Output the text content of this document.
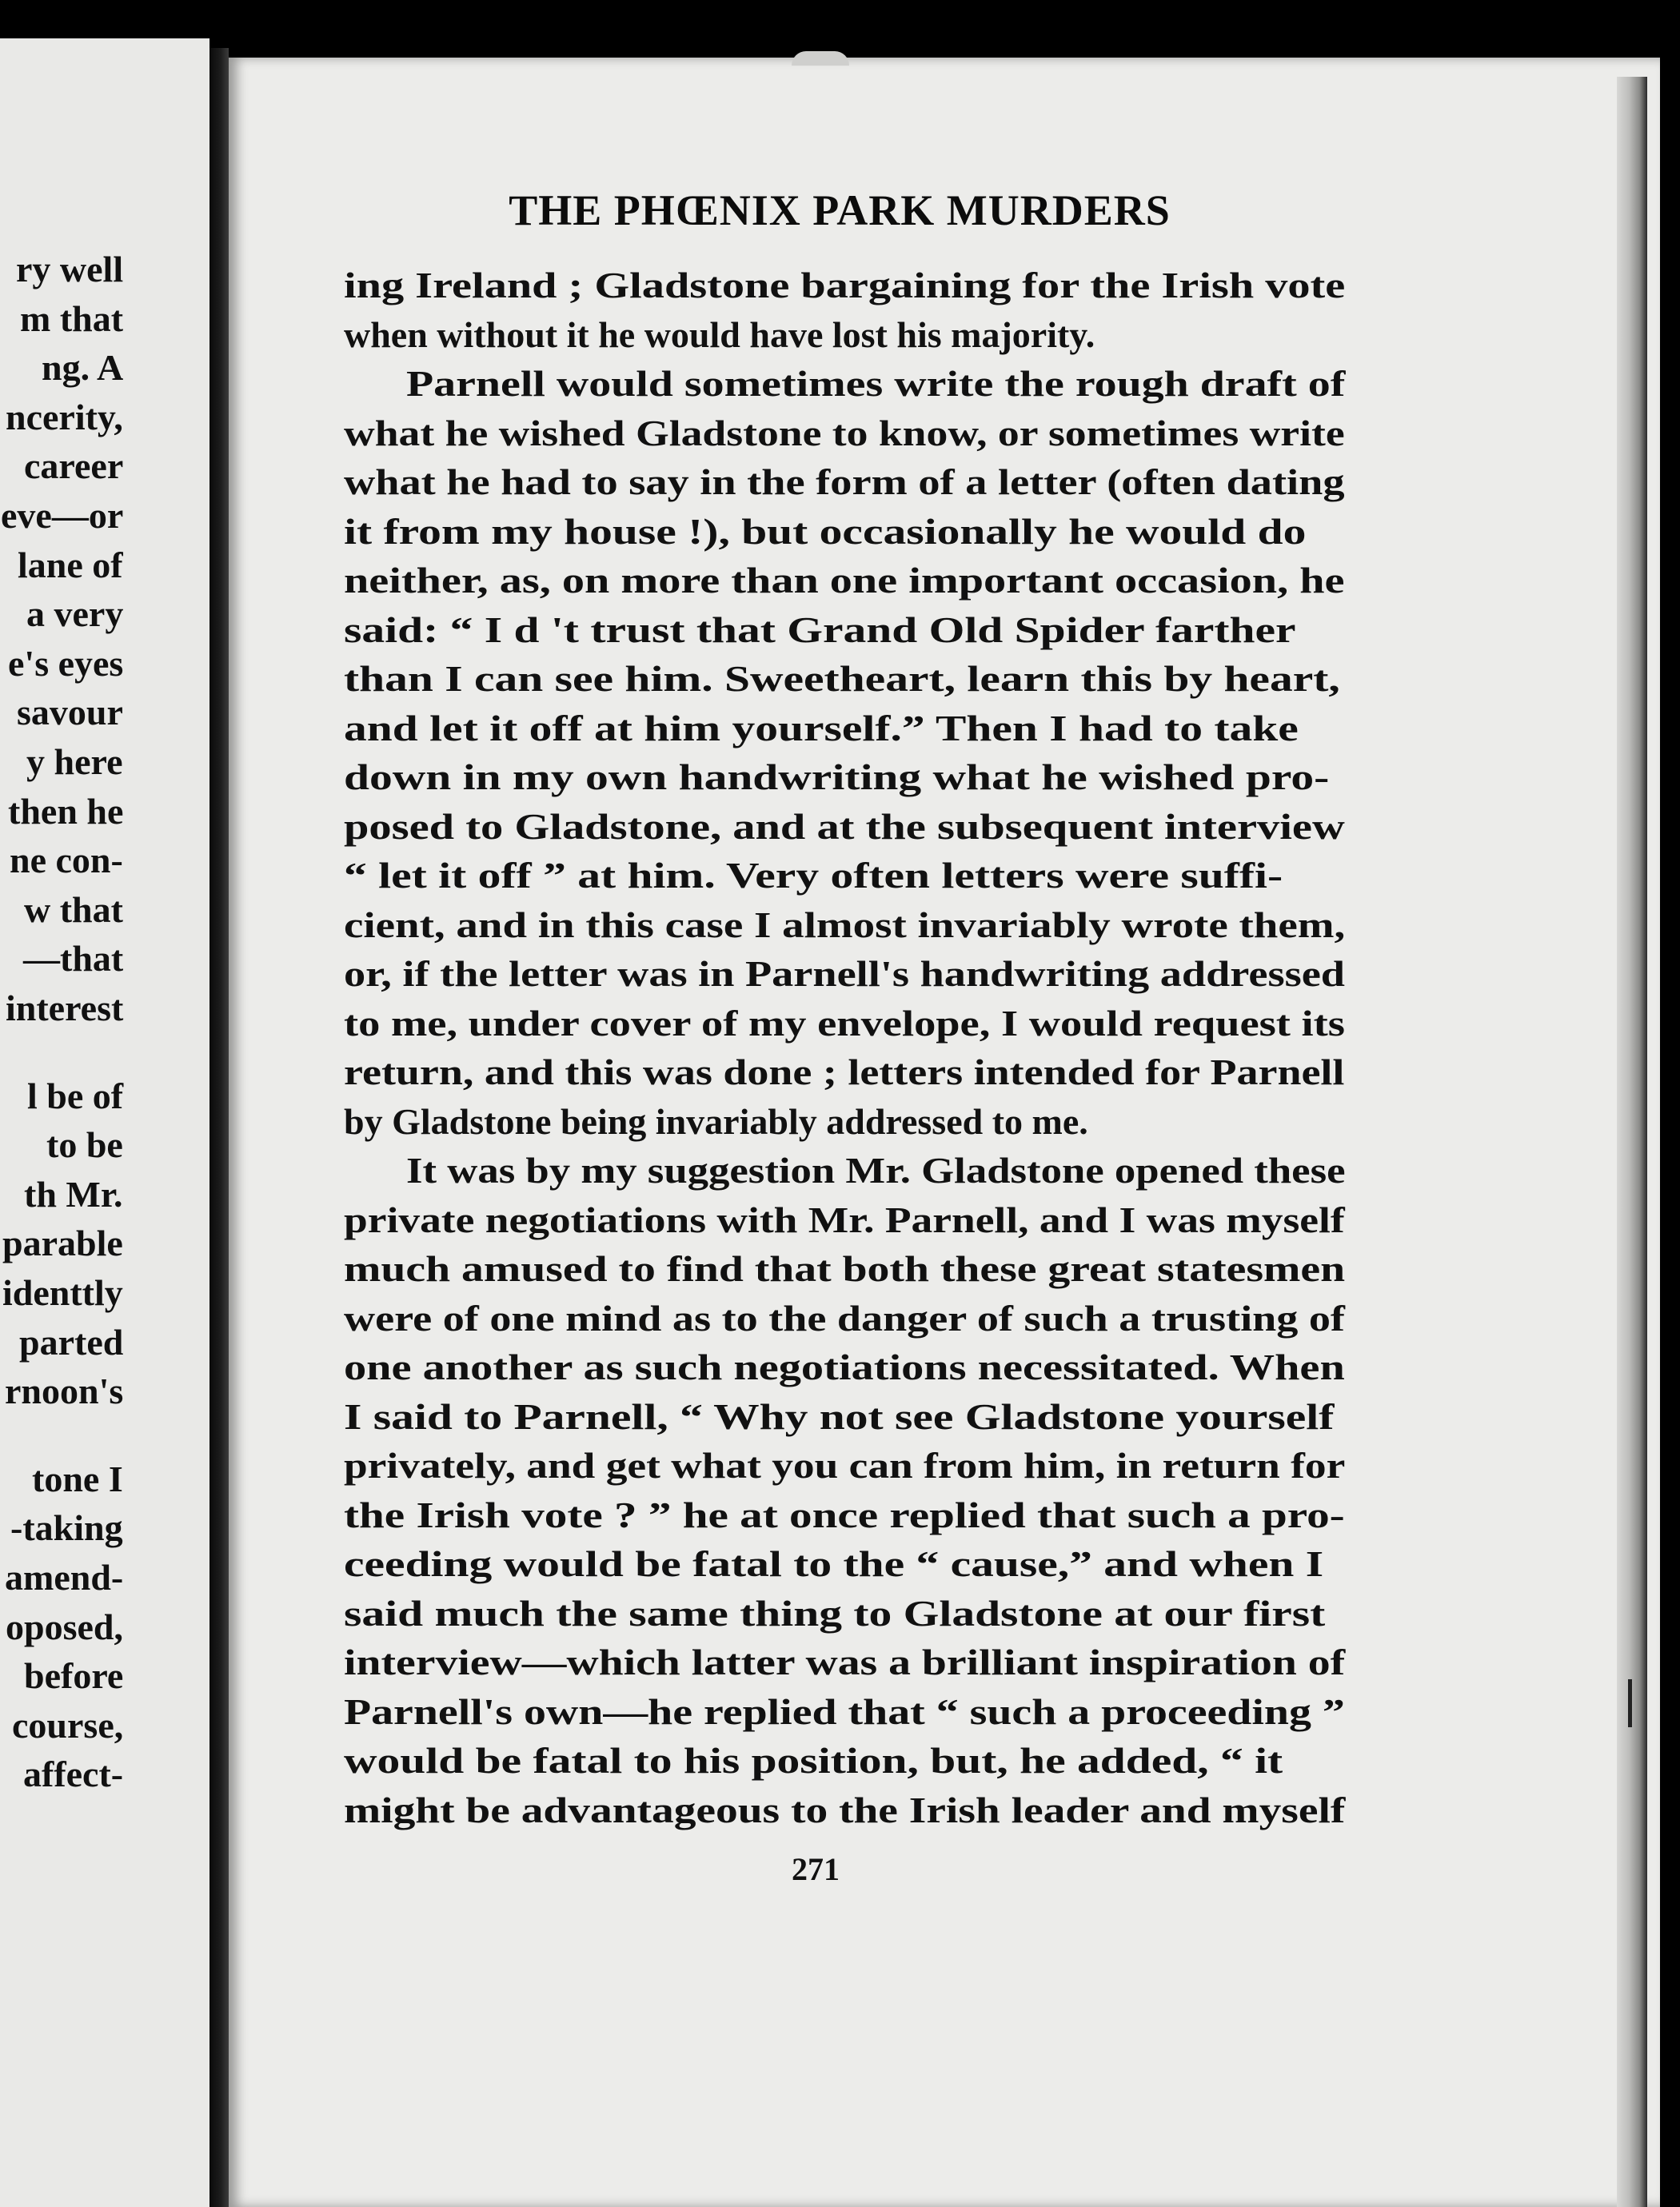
THE PHŒNIX PARK MURDERS
ry well
m that
ng. A
ncerity,
career
eve—or
lane of
a very
e's eyes
savour
y here
then he
ne con-
w that
—that
interest
l be of
to be
th Mr.
parable
identtly
parted
rnoon's
tone I
-taking
amend-
oposed,
before
course,
affect-
ing Ireland ; Gladstone bargaining for the Irish vote
when without it he would have lost his majority.
Parnell would sometimes write the rough draft of
what he wished Gladstone to know, or sometimes write
what he had to say in the form of a letter (often dating
it from my house !), but occasionally he would do
neither, as, on more than one important occasion, he
said: “ I d 't trust that Grand Old Spider farther
than I can see him. Sweetheart, learn this by heart,
and let it off at him yourself.” Then I had to take
down in my own handwriting what he wished pro-
posed to Gladstone, and at the subsequent interview
“ let it off ” at him. Very often letters were suffi-
cient, and in this case I almost invariably wrote them,
or, if the letter was in Parnell's handwriting addressed
to me, under cover of my envelope, I would request its
return, and this was done ; letters intended for Parnell
by Gladstone being invariably addressed to me.
It was by my suggestion Mr. Gladstone opened these
private negotiations with Mr. Parnell, and I was myself
much amused to find that both these great statesmen
were of one mind as to the danger of such a trusting of
one another as such negotiations necessitated. When
I said to Parnell, “ Why not see Gladstone yourself
privately, and get what you can from him, in return for
the Irish vote ? ” he at once replied that such a pro-
ceeding would be fatal to the “ cause,” and when I
said much the same thing to Gladstone at our first
interview—which latter was a brilliant inspiration of
Parnell's own—he replied that “ such a proceeding ”
would be fatal to his position, but, he added, “ it
might be advantageous to the Irish leader and myself
271
